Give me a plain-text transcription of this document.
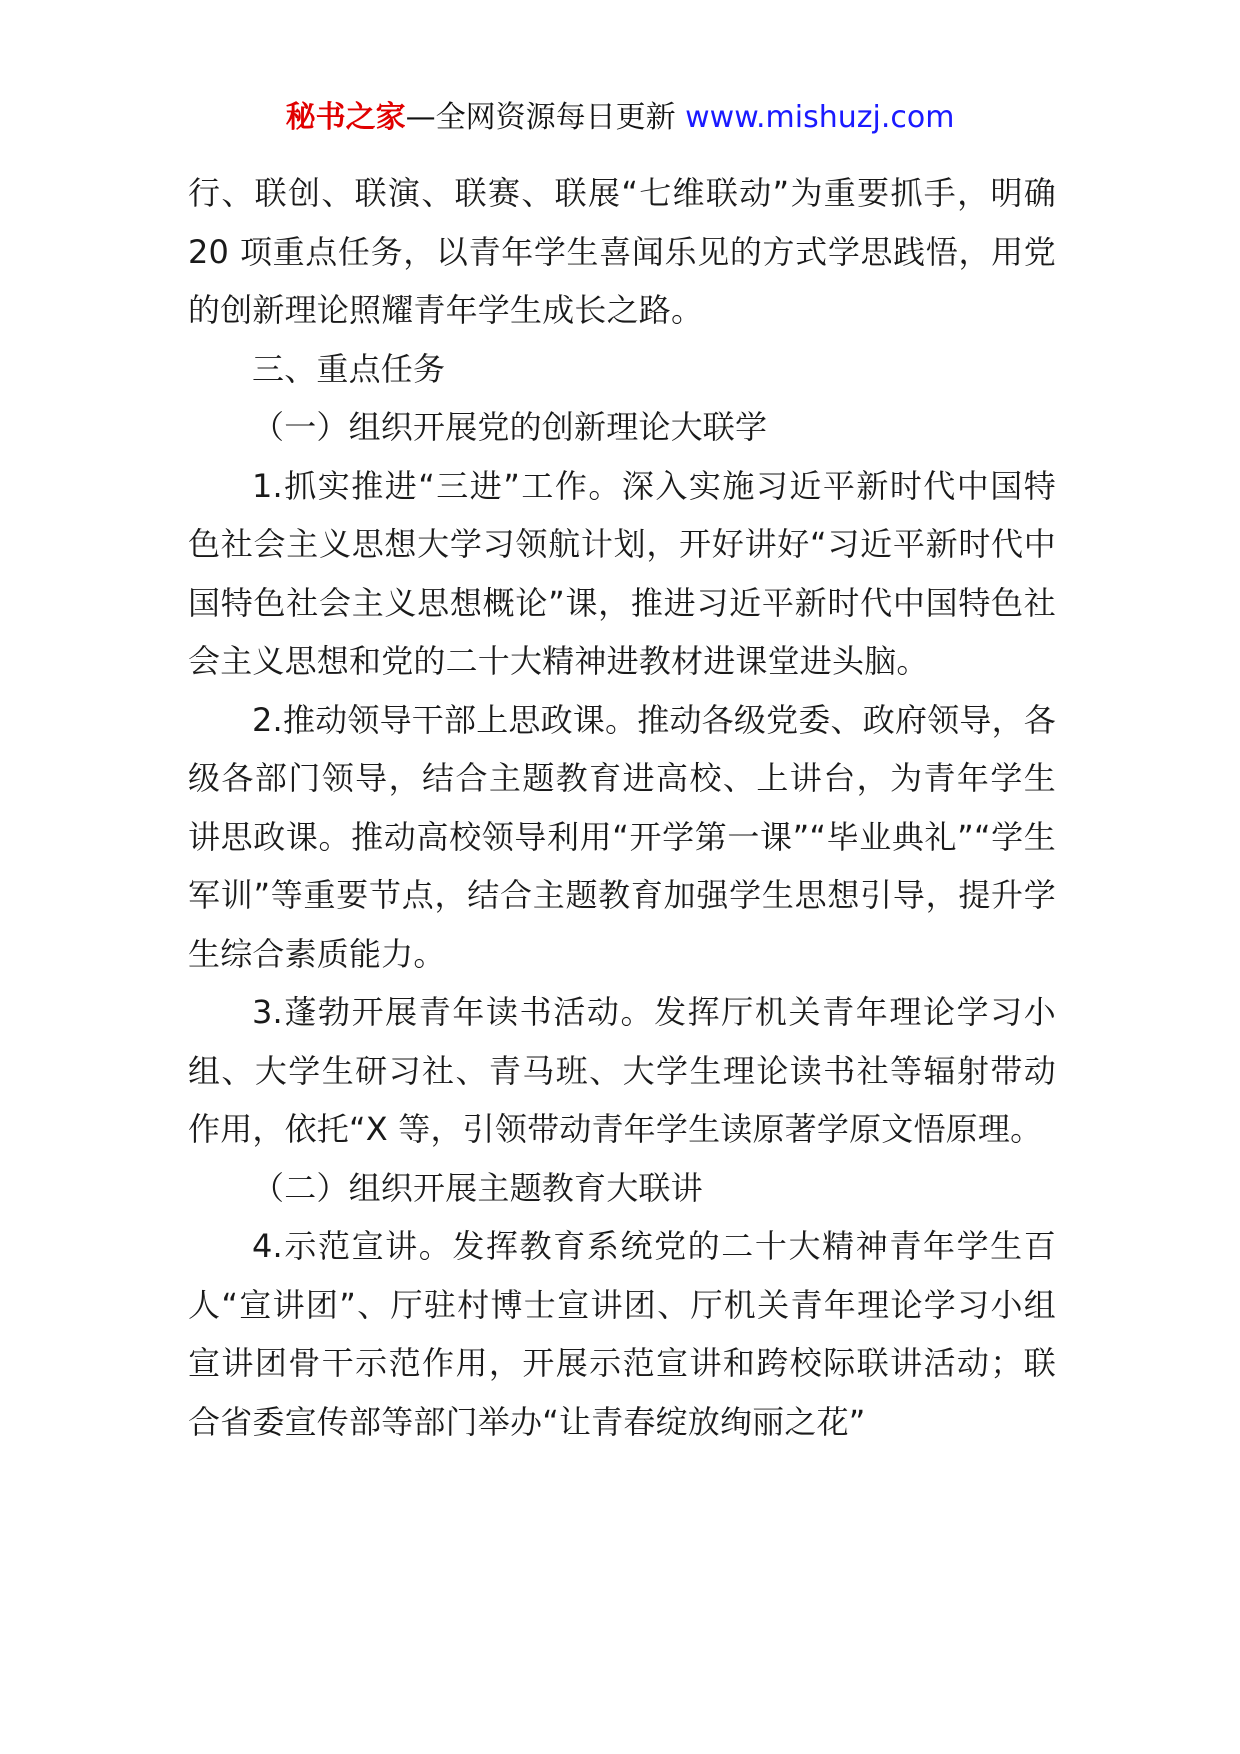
秘书之家—全网资源每日更新 www.mishuzj.com

行、联创、联演、联赛、联展“七维联动”为重要抓手，明确 20 项重点任务，以青年学生喜闻乐见的方式学思践悟，用党的创新理论照耀青年学生成长之路。

三、重点任务

（一）组织开展党的创新理论大联学

1.抓实推进“三进”工作。深入实施习近平新时代中国特色社会主义思想大学习领航计划，开好讲好“习近平新时代中国特色社会主义思想概论”课，推进习近平新时代中国特色社会主义思想和党的二十大精神进教材进课堂进头脑。

2.推动领导干部上思政课。推动各级党委、政府领导，各级各部门领导，结合主题教育进高校、上讲台，为青年学生讲思政课。推动高校领导利用“开学第一课”“毕业典礼”“学生军训”等重要节点，结合主题教育加强学生思想引导，提升学生综合素质能力。

3.蓬勃开展青年读书活动。发挥厅机关青年理论学习小组、大学生研习社、青马班、大学生理论读书社等辐射带动作用，依托“X 等，引领带动青年学生读原著学原文悟原理。

（二）组织开展主题教育大联讲

4.示范宣讲。发挥教育系统党的二十大精神青年学生百人“宣讲团”、厅驻村博士宣讲团、厅机关青年理论学习小组宣讲团骨干示范作用，开展示范宣讲和跨校际联讲活动；联合省委宣传部等部门举办“让青春绽放绚丽之花”
